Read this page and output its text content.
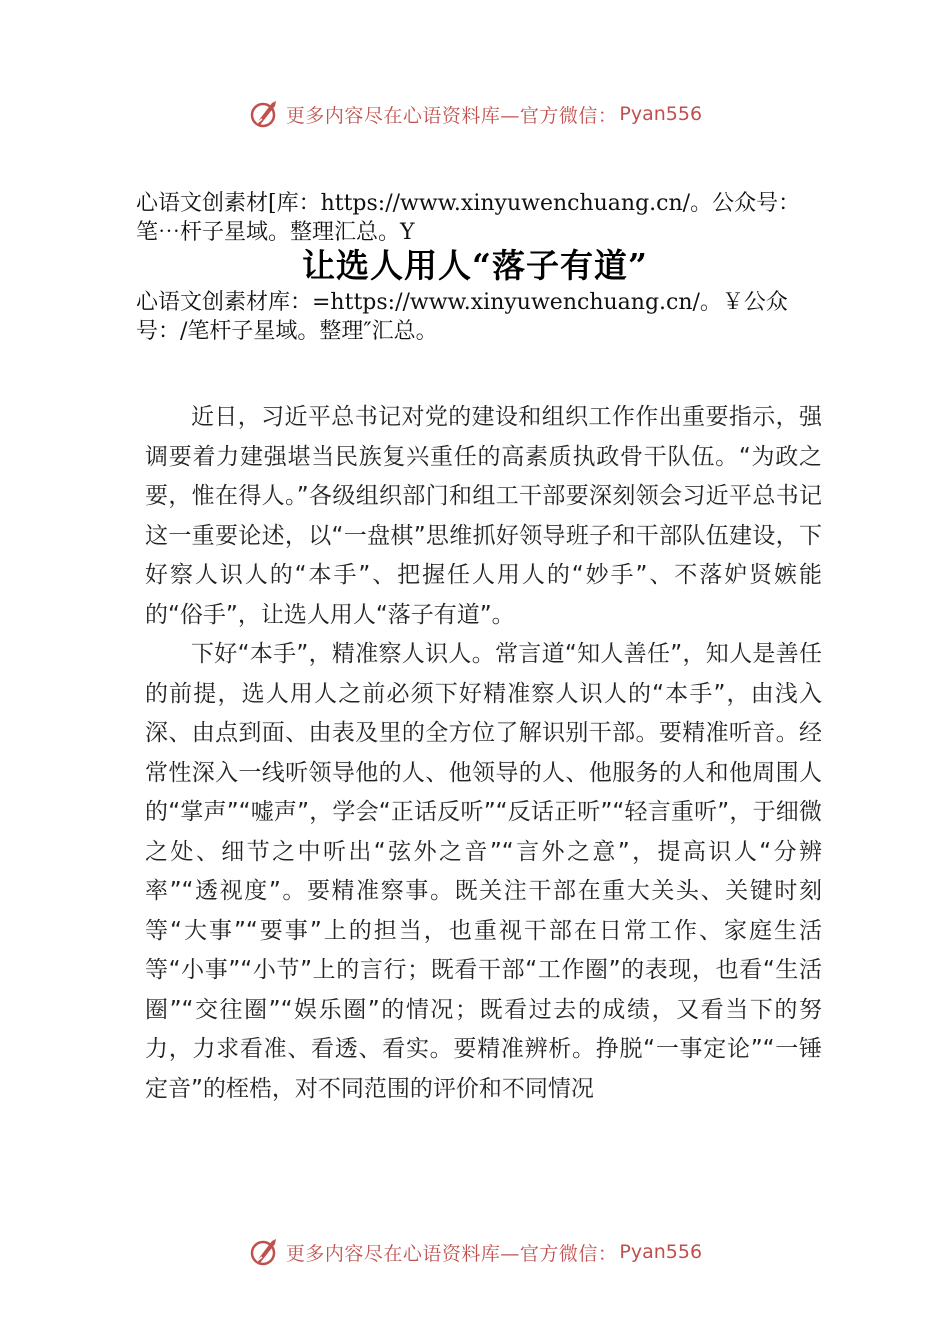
更多内容尽在心语资料库—官方微信： Pyan556
心语文创素材[库：https://www.xinyuwenchuang.cn/。公众号：笔⋯杆子星域。整理汇总。Y
让选人用人“落子有道”
心语文创素材库：=https://www.xinyuwenchuang.cn/。￥公众号：/笔杆子星域。整理″汇总。

近日，习近平总书记对党的建设和组织工作作出重要指示，强调要着力建强堪当民族复兴重任的高素质执政骨干队伍。“为政之要，惟在得人。”各级组织部门和组工干部要深刻领会习近平总书记这一重要论述，以“一盘棋”思维抓好领导班子和干部队伍建设，下好察人识人的“本手”、把握任人用人的“妙手”、不落妒贤嫉能的“俗手”，让选人用人“落子有道”。

下好“本手”，精准察人识人。常言道“知人善任”，知人是善任的前提，选人用人之前必须下好精准察人识人的“本手”，由浅入深、由点到面、由表及里的全方位了解识别干部。要精准听音。经常性深入一线听领导他的人、他领导的人、他服务的人和他周围人的“掌声”“嘘声”，学会“正话反听”“反话正听”“轻言重听”，于细微之处、细节之中听出“弦外之音”“言外之意”，提高识人“分辨率”“透视度”。要精准察事。既关注干部在重大关头、关键时刻等“大事”“要事”上的担当，也重视干部在日常工作、家庭生活等“小事”“小节”上的言行；既看干部“工作圈”的表现，也看“生活圈”“交往圈”“娱乐圈”的情况；既看过去的成绩，又看当下的努力，力求看准、看透、看实。要精准辨析。挣脱“一事定论”“一锤定音”的桎梏，对不同范围的评价和不同情况

更多内容尽在心语资料库—官方微信： Pyan556
